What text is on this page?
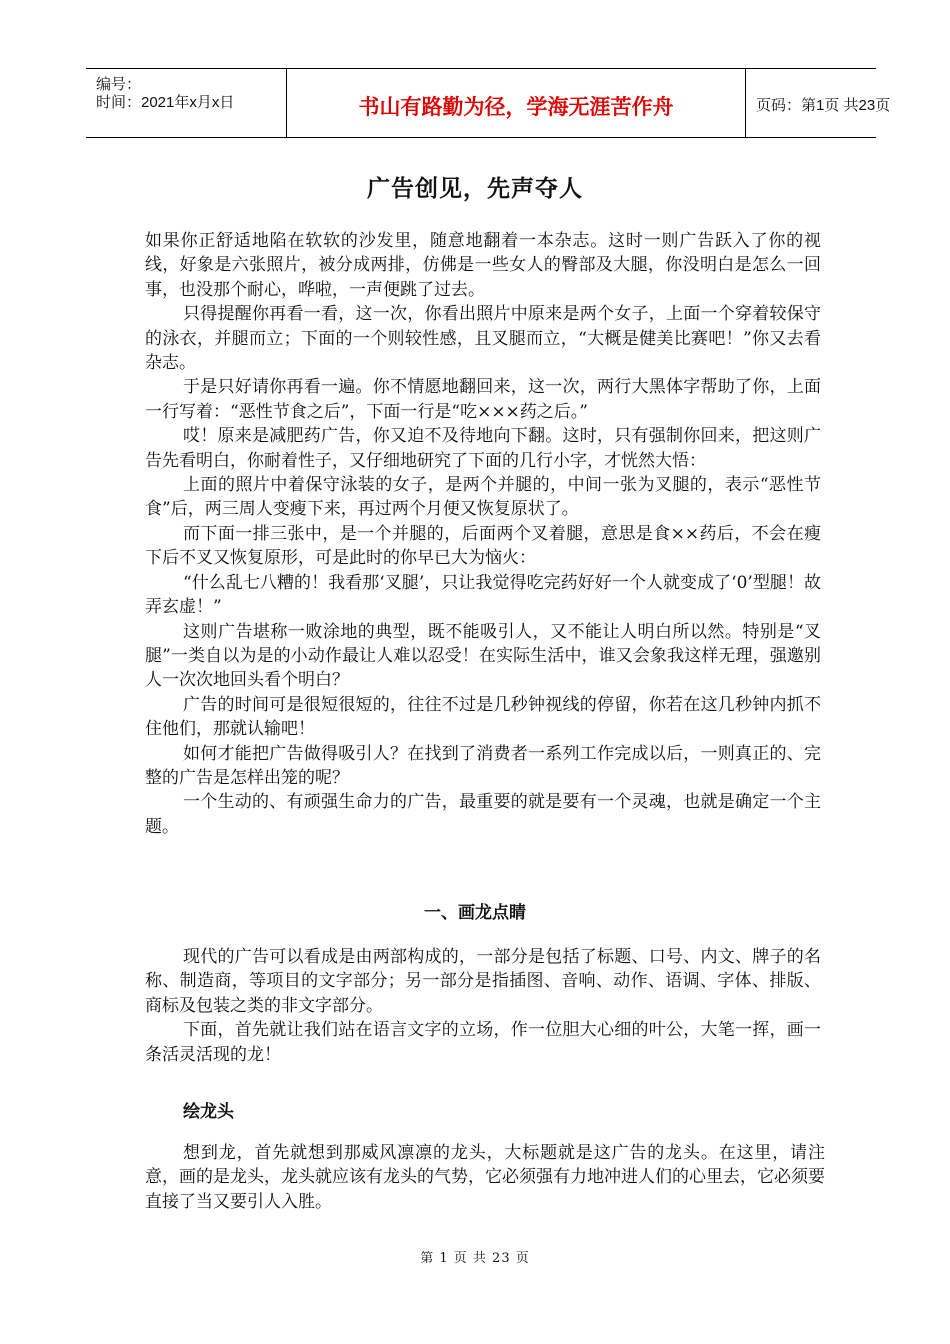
编号：
时间：2021年x月x日	书山有路勤为径，学海无涯苦作舟	页码：第1页 共23页
广告创见，先声夺人

如果你正舒适地陷在软软的沙发里，随意地翻着一本杂志。这时一则广告跃入了你的视线，好象是六张照片，被分成两排，仿佛是一些女人的臀部及大腿，你没明白是怎么一回事，也没那个耐心，哗啦，一声便跳了过去。

只得提醒你再看一看，这一次，你看出照片中原来是两个女子，上面一个穿着较保守的泳衣，并腿而立；下面的一个则较性感，且叉腿而立，“大概是健美比赛吧！”你又去看杂志。

于是只好请你再看一遍。你不情愿地翻回来，这一次，两行大黑体字帮助了你，上面一行写着：“恶性节食之后”，下面一行是“吃×××药之后。”

哎！原来是减肥药广告，你又迫不及待地向下翻。这时，只有强制你回来，把这则广告先看明白，你耐着性子，又仔细地研究了下面的几行小字，才恍然大悟：

上面的照片中着保守泳装的女子，是两个并腿的，中间一张为叉腿的，表示“恶性节食”后，两三周人变瘦下来，再过两个月便又恢复原状了。

而下面一排三张中，是一个并腿的，后面两个叉着腿，意思是食××药后，不会在瘦下后不叉又恢复原形，可是此时的你早已大为恼火：

“什么乱七八糟的！我看那‘叉腿’，只让我觉得吃完药好好一个人就变成了‘0’型腿！故弄玄虚！”

这则广告堪称一败涂地的典型，既不能吸引人，又不能让人明白所以然。特别是“叉腿”一类自以为是的小动作最让人难以忍受！在实际生活中，谁又会象我这样无理，强邀别人一次次地回头看个明白？

广告的时间可是很短很短的，往往不过是几秒钟视线的停留，你若在这几秒钟内抓不住他们，那就认输吧！

如何才能把广告做得吸引人？在找到了消费者一系列工作完成以后，一则真正的、完整的广告是怎样出笼的呢？

一个生动的、有顽强生命力的广告，最重要的就是要有一个灵魂，也就是确定一个主题。

一、画龙点睛

现代的广告可以看成是由两部构成的，一部分是包括了标题、口号、内文、牌子的名称、制造商，等项目的文字部分；另一部分是指插图、音响、动作、语调、字体、排版、商标及包装之类的非文字部分。

下面，首先就让我们站在语言文字的立场，作一位胆大心细的叶公，大笔一挥，画一条活灵活现的龙！

绘龙头

想到龙，首先就想到那威风凛凛的龙头，大标题就是这广告的龙头。在这里，请注意，画的是龙头，龙头就应该有龙头的气势，它必须强有力地冲进人们的心里去，它必须要直接了当又要引人入胜。

第 1 页 共 23 页
